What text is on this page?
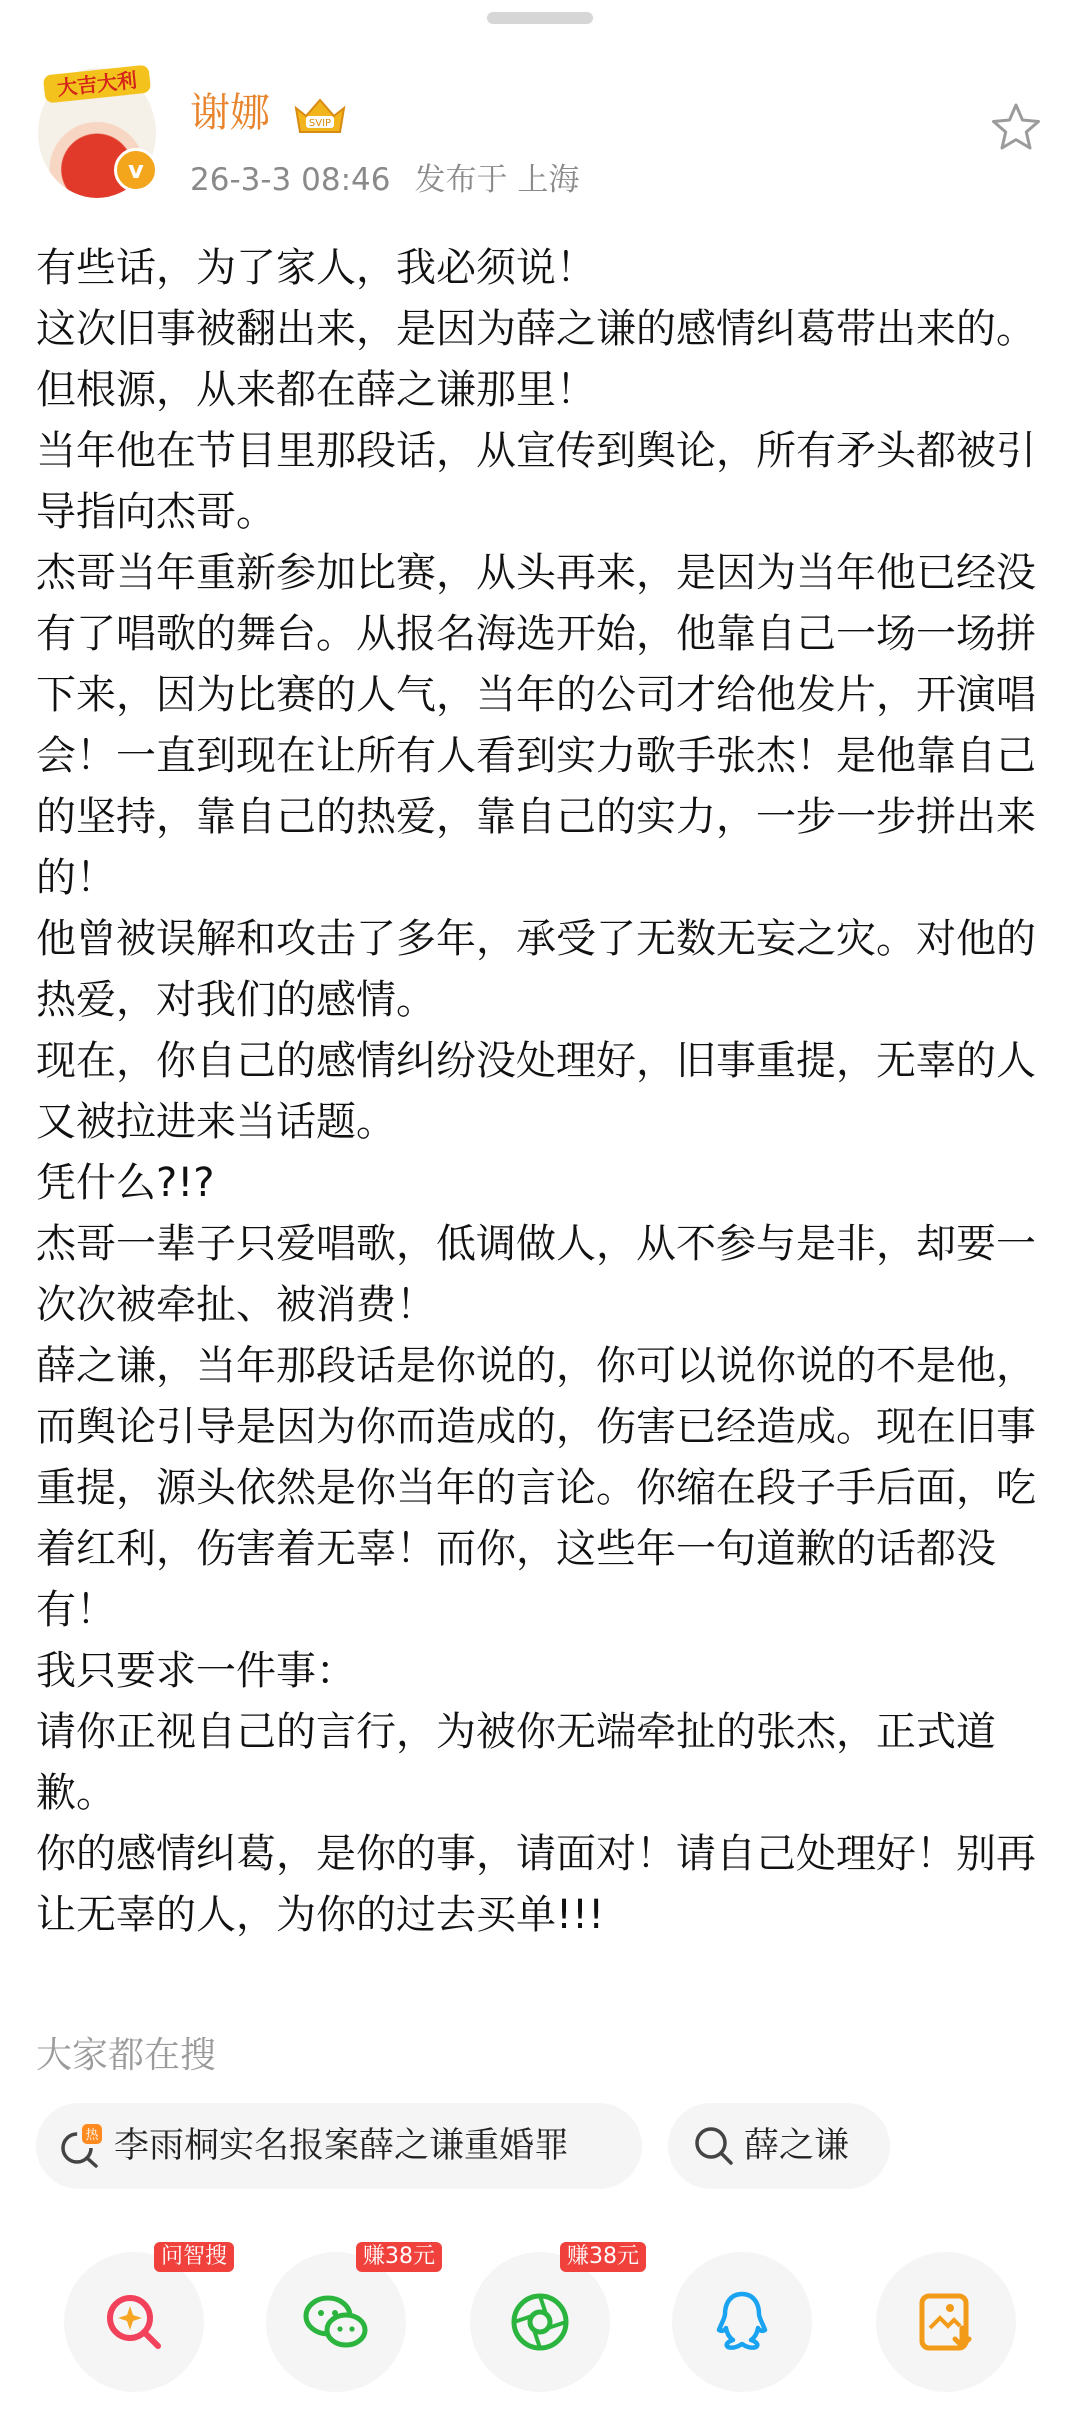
大吉大利
v
谢娜	SVIP
26-3-3 08:46 发布于 上海

有些话，为了家人，我必须说！

这次旧事被翻出来，是因为薛之谦的感情纠葛带出来的。

但根源，从来都在薛之谦那里！

当年他在节目里那段话，从宣传到舆论，所有矛头都被引导指向杰哥。

杰哥当年重新参加比赛，从头再来，是因为当年他已经没有了唱歌的舞台。从报名海选开始，他靠自己一场一场拼下来，因为比赛的人气，当年的公司才给他发片，开演唱会！一直到现在让所有人看到实力歌手张杰！是他靠自己的坚持，靠自己的热爱，靠自己的实力，一步一步拼出来的！

他曾被误解和攻击了多年，承受了无数无妄之灾。对他的热爱，对我们的感情。

现在，你自己的感情纠纷没处理好，旧事重提，无辜的人又被拉进来当话题。

凭什么?!?

杰哥一辈子只爱唱歌，低调做人，从不参与是非，却要一次次被牵扯、被消费！

薛之谦，当年那段话是你说的，你可以说你说的不是他，而舆论引导是因为你而造成的，伤害已经造成。现在旧事重提，源头依然是你当年的言论。你缩在段子手后面，吃着红利，伤害着无辜！而你，这些年一句道歉的话都没有！

我只要求一件事：

请你正视自己的言行，为被你无端牵扯的张杰，正式道歉。

你的感情纠葛，是你的事，请面对！请自己处理好！别再让无辜的人，为你的过去买单!!!

大家都在搜
热 李雨桐实名报案薛之谦重婚罪	薛之谦
问智搜	赚38元	赚38元
